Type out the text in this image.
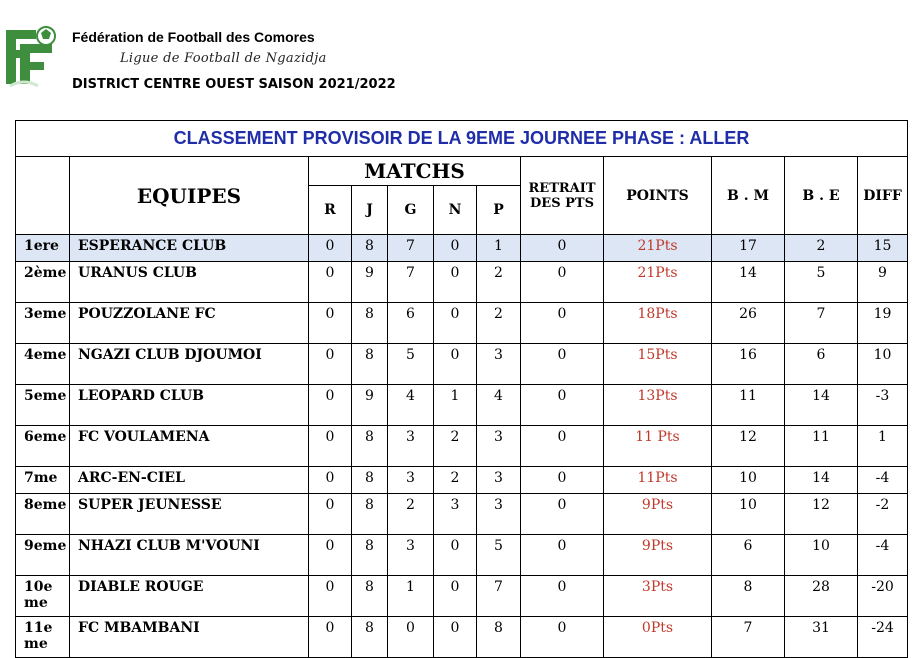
Fédération de Football des Comores
Ligue de Football de Ngazidja
DISTRICT CENTRE OUEST SAISON 2021/2022
CLASSEMENT PROVISOIR DE LA 9EME JOURNEE PHASE : ALLER											
	EQUIPES	MATCHS					RETRAIT DES PTS	POINTS	B . M	B . E	DIFF
		R	J	G	N	P					
1ere	ESPERANCE CLUB	0	8	7	0	1	0	21Pts	17	2	15
2ème	URANUS CLUB	0	9	7	0	2	0	21Pts	14	5	9
3eme	POUZZOLANE FC	0	8	6	0	2	0	18Pts	26	7	19
4eme	NGAZI CLUB DJOUMOI	0	8	5	0	3	0	15Pts	16	6	10
5eme	LEOPARD CLUB	0	9	4	1	4	0	13Pts	11	14	-3
6eme	FC VOULAMENA	0	8	3	2	3	0	11 Pts	12	11	1
7me	ARC-EN-CIEL	0	8	3	2	3	0	11Pts	10	14	-4
8eme	SUPER JEUNESSE	0	8	2	3	3	0	9Pts	10	12	-2
9eme	NHAZI CLUB M'VOUNI	0	8	3	0	5	0	9Pts	6	10	-4
10eme	DIABLE ROUGE	0	8	1	0	7	0	3Pts	8	28	-20
11eme	FC MBAMBANI	0	8	0	0	8	0	0Pts	7	31	-24
